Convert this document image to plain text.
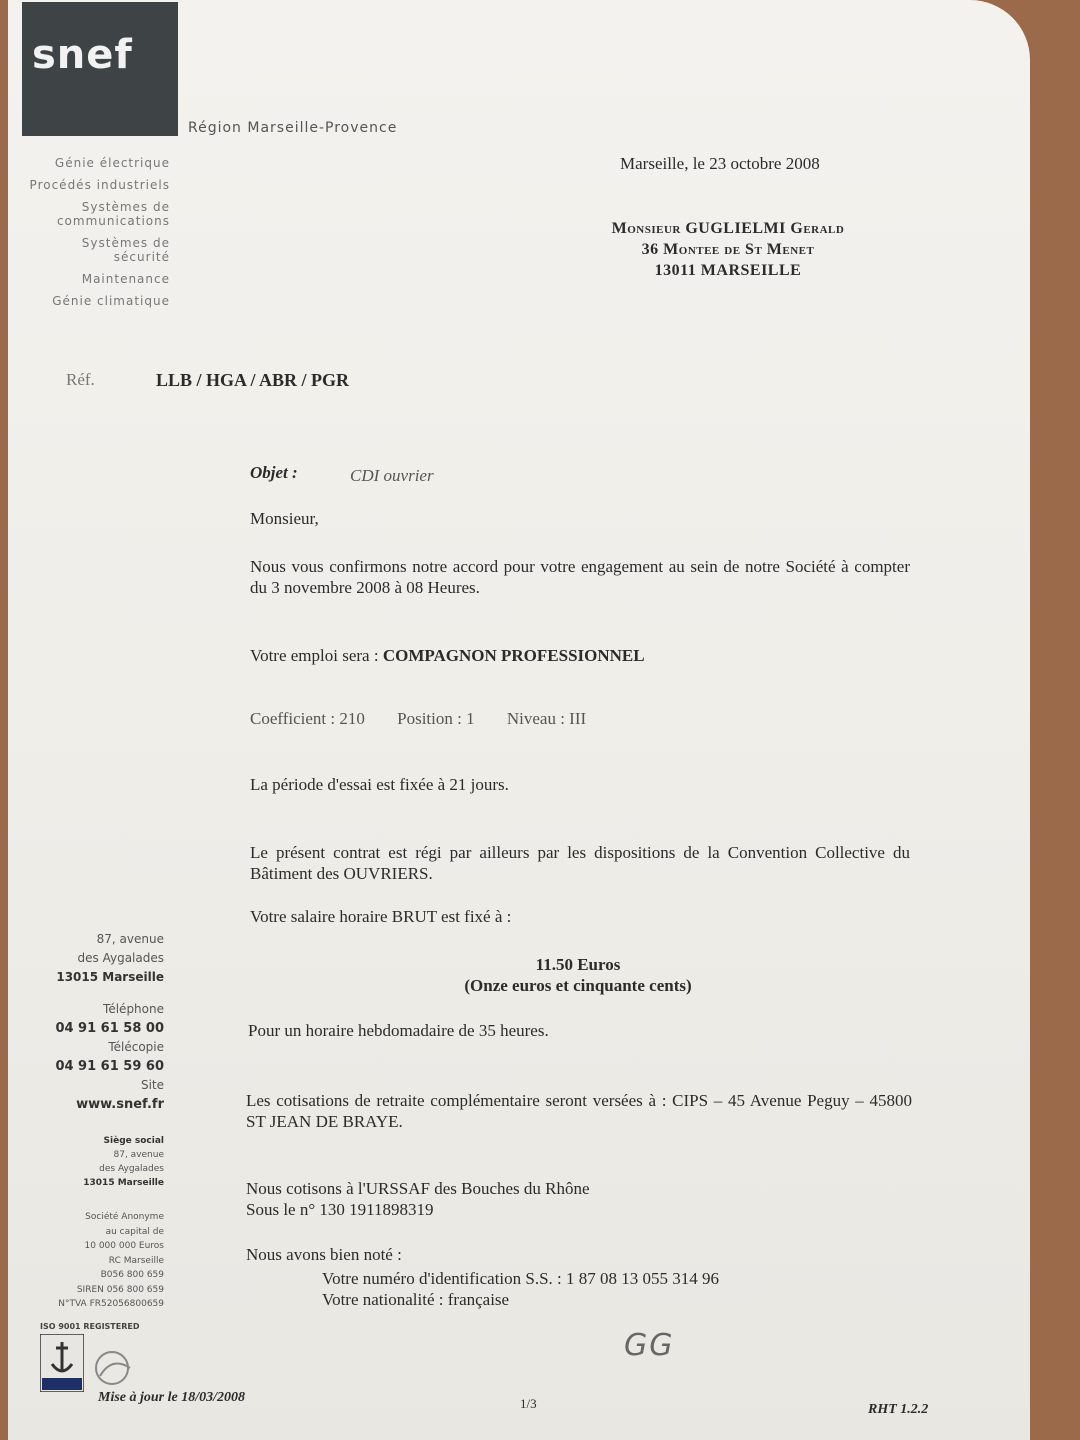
snef
Région Marseille-Provence
Génie électrique
Procédés industriels
Systèmes de communications
Systèmes de sécurité
Maintenance
Génie climatique
Marseille, le 23 octobre 2008
Monsieur GUGLIELMI Gerald
36 Montee de St Menet
13011 MARSEILLE
Réf.	LLB / HGA / ABR / PGR
Objet :	CDI ouvrier
Monsieur,
Nous vous confirmons notre accord pour votre engagement au sein de notre Société à compter du 3 novembre 2008 à 08 Heures.
Votre emploi sera : COMPAGNON PROFESSIONNEL
Coefficient : 210 Position : 1 Niveau : III
La période d'essai est fixée à 21 jours.
Le présent contrat est régi par ailleurs par les dispositions de la Convention Collective du Bâtiment des OUVRIERS.
Votre salaire horaire BRUT est fixé à :
11.50 Euros
(Onze euros et cinquante cents)
Pour un horaire hebdomadaire de 35 heures.
Les cotisations de retraite complémentaire seront versées à : CIPS – 45 Avenue Peguy – 45800 ST JEAN DE BRAYE.
Nous cotisons à l'URSSAF des Bouches du Rhône
Sous le n° 130 1911898319
Nous avons bien noté :
Votre numéro d'identification S.S. : 1 87 08 13 055 314 96
Votre nationalité : française
GG
87, avenue
des Aygalades
13015 Marseille
Téléphone
04 91 61 58 00
Télécopie
04 91 61 59 60
Site
www.snef.fr
Siège social
87, avenue
des Aygalades
13015 Marseille
Société Anonyme
au capital de
10 000 000 Euros
RC Marseille
B056 800 659
SIREN 056 800 659
N°TVA FR52056800659
ISO 9001 REGISTERED
Mise à jour le 18/03/2008	1/3	RHT 1.2.2
